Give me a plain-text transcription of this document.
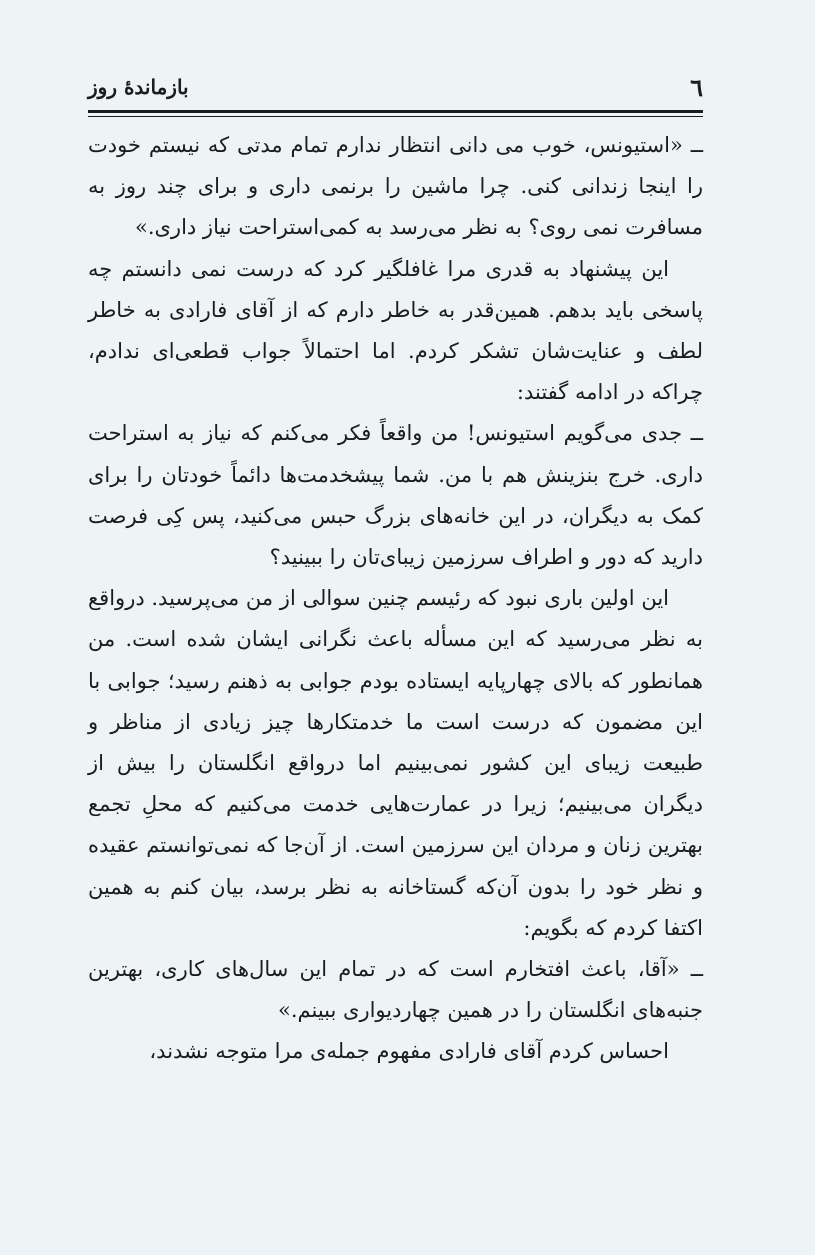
٦
بازماندهٔ روز

ــ «استیونس، خوب می دانی انتظار ندارم تمام مدتی که نیستم خودت را اینجا زندانی کنی. چرا ماشین را برنمی داری و برای چند روز به مسافرت نمی روی؟ به نظر می‌رسد به کمی‌استراحت نیاز داری.»

این پیشنهاد به قدری مرا غافلگیر کرد که درست نمی دانستم چه پاسخی باید بدهم. همین‌قدر به خاطر دارم که از آقای فارادی به خاطر لطف و عنایت‌شان تشکر کردم. اما احتمالاً جواب قطعی‌ای ندادم، چراکه در ادامه گفتند:

ــ جدی می‌گویم استیونس! من واقعاً فکر می‌کنم که نیاز به استراحت داری. خرج بنزینش هم با من. شما پیشخدمت‌ها دائماً خودتان را برای کمک به دیگران، در این خانه‌های بزرگ حبس می‌کنید، پس کِی فرصت دارید که دور و اطراف سرزمین زیبای‌تان را ببینید؟

این اولین باری نبود که رئیسم چنین سوالی از من می‌پرسید. درواقع به نظر می‌رسید که این مسأله باعث نگرانی ایشان شده است. من همانطور که بالای چهارپایه ایستاده بودم جوابی به ذهنم رسید؛ جوابی با این مضمون که درست است ما خدمتکارها چیز زیادی از مناظر و طبیعت زیبای این کشور نمی‌بینیم اما درواقع انگلستان را بیش از دیگران می‌بینیم؛ زیرا در عمارت‌هایی خدمت می‌کنیم که محلِ تجمع بهترین زنان و مردان این سرزمین است. از آن‌جا که نمی‌توانستم عقیده و نظر خود را بدون آن‌که گستاخانه به نظر برسد، بیان کنم به همین اکتفا کردم که بگویم:

ــ «آقا، باعث افتخارم است که در تمام این سال‌های کاری، بهترین جنبه‌های انگلستان را در همین چهاردیواری ببینم.»

احساس کردم آقای فارادی مفهوم جمله‌ی مرا متوجه نشدند،
